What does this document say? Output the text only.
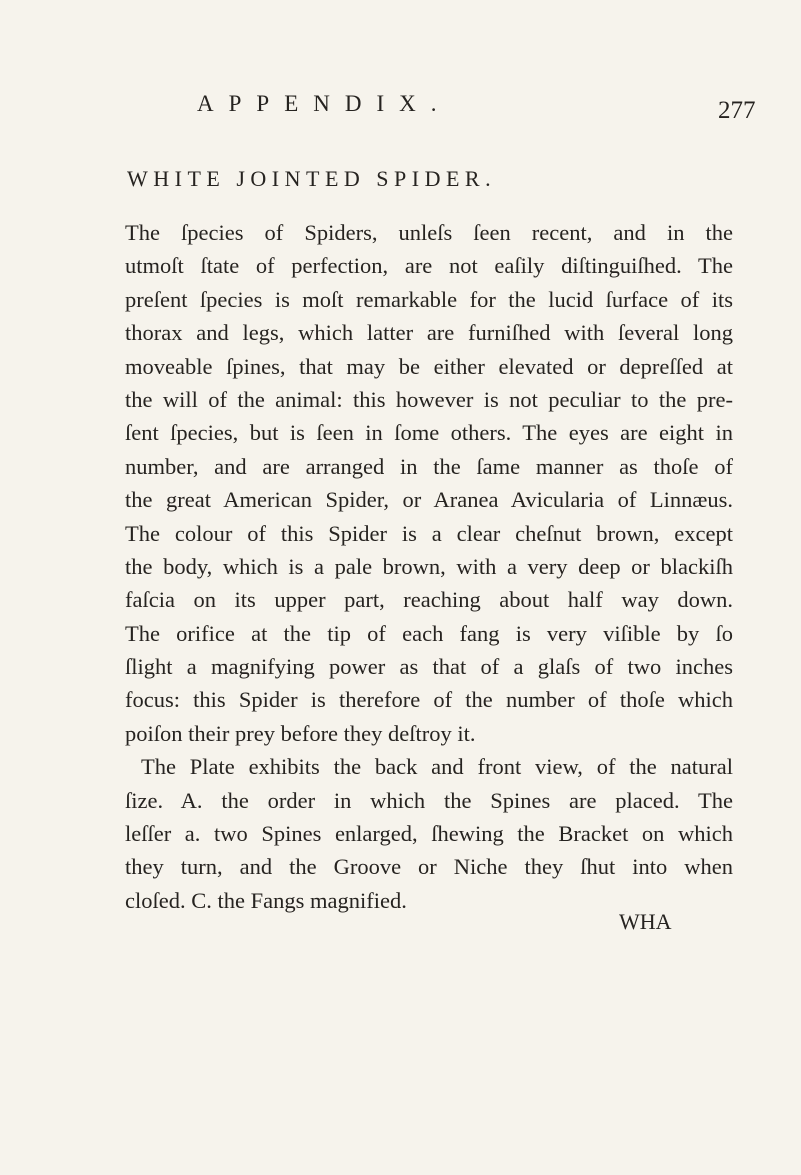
APPENDIX.	277
WHITE JOINTED SPIDER.
The ſpecies of Spiders, unleſs ſeen recent, and in the
utmoſt ſtate of perfection, are not eaſily diſtinguiſhed. The
preſent ſpecies is moſt remarkable for the lucid ſurface of its
thorax and legs, which latter are furniſhed with ſeveral long
moveable ſpines, that may be either elevated or depreſſed at
the will of the animal: this however is not peculiar to the pre-
ſent ſpecies, but is ſeen in ſome others. The eyes are eight in
number, and are arranged in the ſame manner as thoſe of
the great American Spider, or Aranea Avicularia of Linnæus.
The colour of this Spider is a clear cheſnut brown, except
the body, which is a pale brown, with a very deep or blackiſh
faſcia on its upper part, reaching about half way down.
The orifice at the tip of each fang is very viſible by ſo
ſlight a magnifying power as that of a glaſs of two inches
focus: this Spider is therefore of the number of thoſe which
poiſon their prey before they deſtroy it.
The Plate exhibits the back and front view, of the natural
ſize. A. the order in which the Spines are placed. The
leſſer a. two Spines enlarged, ſhewing the Bracket on which
they turn, and the Groove or Niche they ſhut into when
cloſed. C. the Fangs magnified.
WHA
